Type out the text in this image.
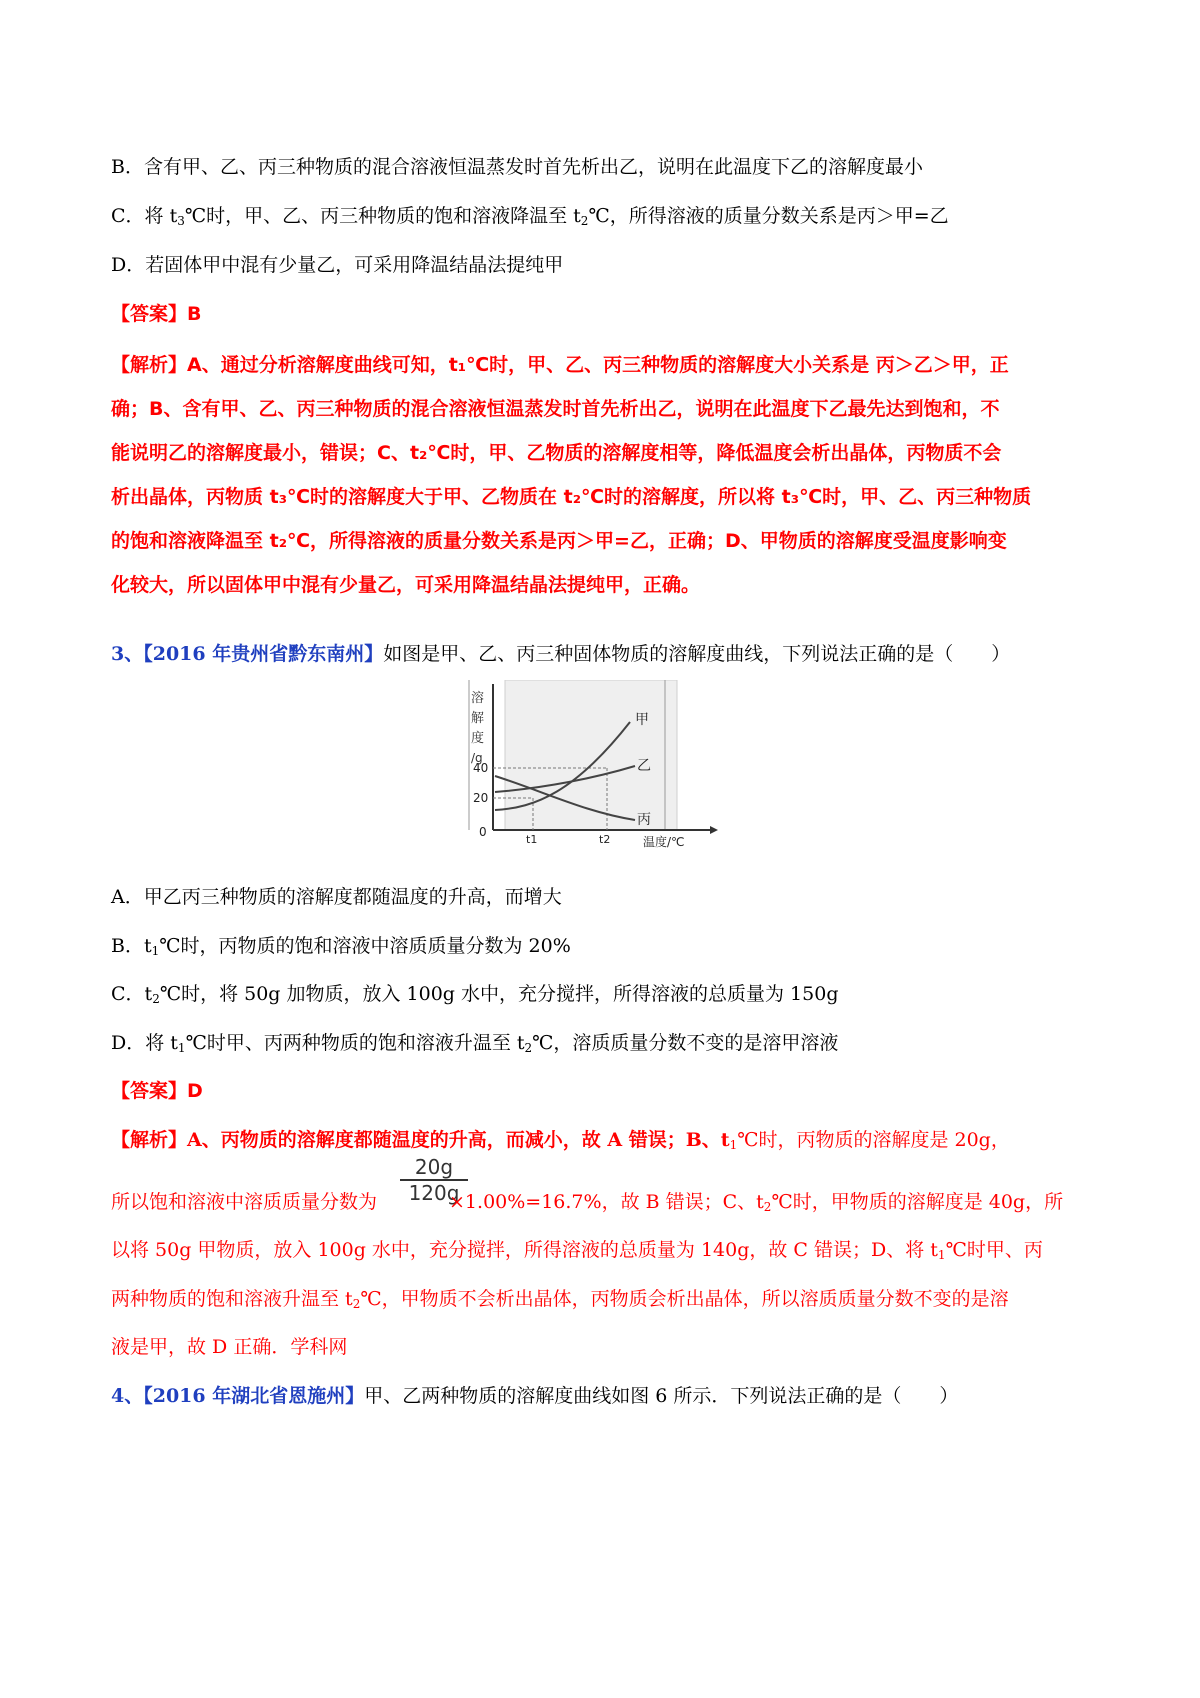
B．含有甲、乙、丙三种物质的混合溶液恒温蒸发时首先析出乙，说明在此温度下乙的溶解度最小
C．将 $t_3℃$时，甲、乙、丙三种物质的饱和溶液降温至 $t_2℃$，所得溶液的质量分数关系是丙＞甲=乙
D．若固体甲中混有少量乙，可采用降温结晶法提纯甲
【答案】B

【解析】A、通过分析溶解度曲线可知，t₁℃时，甲、乙、丙三种物质的溶解度大小关系是 丙＞乙＞甲，正

确；B、含有甲、乙、丙三种物质的混合溶液恒温蒸发时首先析出乙，说明在此温度下乙最先达到饱和，不

能说明乙的溶解度最小，错误；C、t₂℃时，甲、乙物质的溶解度相等，降低温度会析出晶体，丙物质不会

析出晶体，丙物质 t₃℃时的溶解度大于甲、乙物质在 t₂℃时的溶解度，所以将 t₃℃时，甲、乙、丙三种物质

的饱和溶液降温至 t₂℃，所得溶液的质量分数关系是丙＞甲=乙，正确；D、甲物质的溶解度受温度影响变

化较大，所以固体甲中混有少量乙，可采用降温结晶法提纯甲，正确。

3、【2016 年贵州省黔东南州】如图是甲、乙、丙三种固体物质的溶解度曲线，下列说法正确的是（　　）
溶
解
度
/g
40
20
0
甲
乙
丙
t1	t2	温度/℃
A．甲乙丙三种物质的溶解度都随温度的升高，而增大
B．$t_1℃$时，丙物质的饱和溶液中溶质质量分数为 20%
C．$t_2℃$时，将 50g 加物质，放入 100g 水中，充分搅拌，所得溶液的总质量为 150g
D．将 $t_1℃$时甲、丙两种物质的饱和溶液升温至 $t_2℃$，溶质质量分数不变的是溶甲溶液
【答案】D
【解析】A、丙物质的溶解度都随温度的升高，而减小，故 A 错误；B、$t_1℃$时，丙物质的溶解度是 20g，
$\frac{20g}{120g}$
所以饱和溶液中溶质质量分数为	×1.00%=16.7%，故 B 错误；C、$t_2℃$时，甲物质的溶解度是 40g，所
以将 50g 甲物质，放入 100g 水中，充分搅拌，所得溶液的总质量为 140g，故 C 错误；D、将 $t_1℃$时甲、丙
两种物质的饱和溶液升温至 $t_2℃$，甲物质不会析出晶体，丙物质会析出晶体，所以溶质质量分数不变的是溶
液是甲，故 D 正确．学科网
4、【2016 年湖北省恩施州】甲、乙两种物质的溶解度曲线如图 6 所示．下列说法正确的是（　　）
